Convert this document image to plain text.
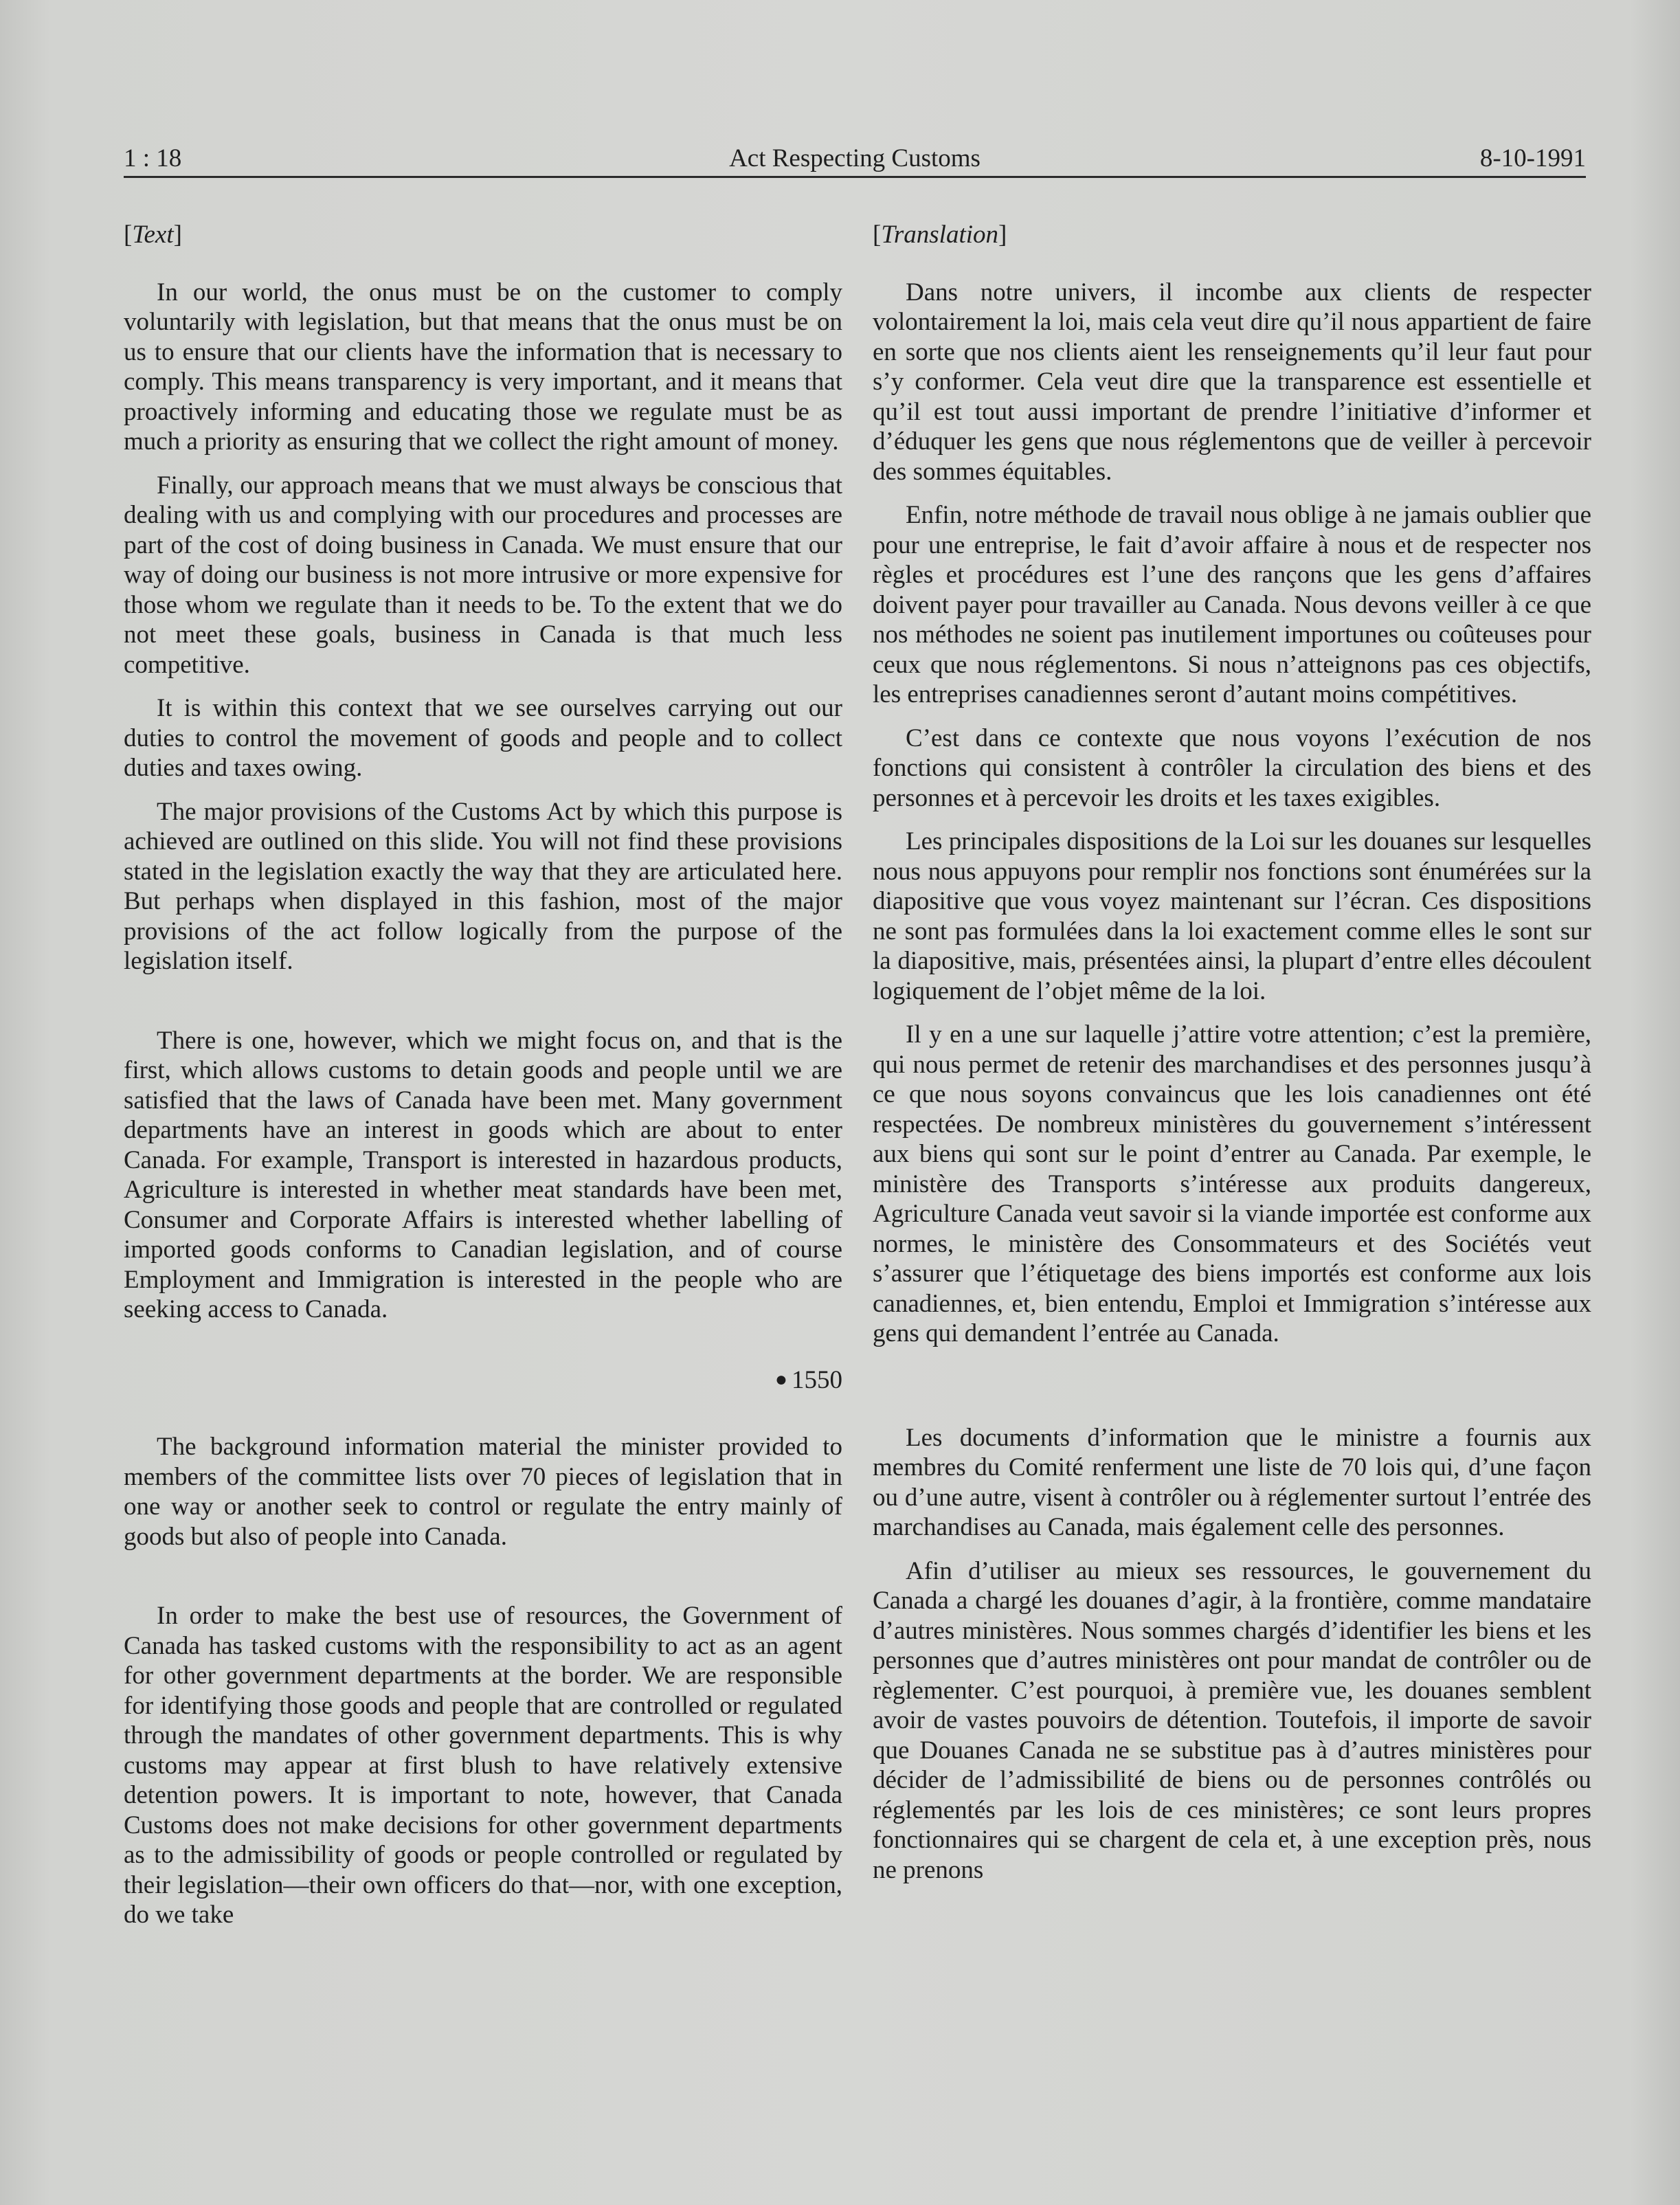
1 : 18	Act Respecting Customs	8-10-1991
[Text]

In our world, the onus must be on the customer to comply voluntarily with legislation, but that means that the onus must be on us to ensure that our clients have the information that is necessary to comply. This means transparency is very important, and it means that proactively informing and educating those we regulate must be as much a priority as ensuring that we collect the right amount of money.

Finally, our approach means that we must always be conscious that dealing with us and complying with our procedures and processes are part of the cost of doing business in Canada. We must ensure that our way of doing our business is not more intrusive or more expensive for those whom we regulate than it needs to be. To the extent that we do not meet these goals, business in Canada is that much less competitive.

It is within this context that we see ourselves carrying out our duties to control the movement of goods and people and to collect duties and taxes owing.

The major provisions of the Customs Act by which this purpose is achieved are outlined on this slide. You will not find these provisions stated in the legislation exactly the way that they are articulated here. But perhaps when displayed in this fashion, most of the major provisions of the act follow logically from the purpose of the legislation itself.

There is one, however, which we might focus on, and that is the first, which allows customs to detain goods and people until we are satisfied that the laws of Canada have been met. Many government departments have an interest in goods which are about to enter Canada. For example, Transport is interested in hazardous products, Agriculture is interested in whether meat standards have been met, Consumer and Corporate Affairs is interested whether labelling of imported goods conforms to Canadian legislation, and of course Employment and Immigration is interested in the people who are seeking access to Canada.

● 1550

The background information material the minister provided to members of the committee lists over 70 pieces of legislation that in one way or another seek to control or regulate the entry mainly of goods but also of people into Canada.

In order to make the best use of resources, the Government of Canada has tasked customs with the responsibility to act as an agent for other government departments at the border. We are responsible for identifying those goods and people that are controlled or regulated through the mandates of other government departments. This is why customs may appear at first blush to have relatively extensive detention powers. It is important to note, however, that Canada Customs does not make decisions for other government departments as to the admissibility of goods or people controlled or regulated by their legislation—their own officers do that—nor, with one exception, do we take

[Translation]

Dans notre univers, il incombe aux clients de respecter volontairement la loi, mais cela veut dire qu’il nous appartient de faire en sorte que nos clients aient les renseignements qu’il leur faut pour s’y conformer. Cela veut dire que la transparence est essentielle et qu’il est tout aussi important de prendre l’initiative d’informer et d’éduquer les gens que nous réglementons que de veiller à percevoir des sommes équitables.

Enfin, notre méthode de travail nous oblige à ne jamais oublier que pour une entreprise, le fait d’avoir affaire à nous et de respecter nos règles et procédures est l’une des rançons que les gens d’affaires doivent payer pour travailler au Canada. Nous devons veiller à ce que nos méthodes ne soient pas inutilement importunes ou coûteuses pour ceux que nous réglementons. Si nous n’atteignons pas ces objectifs, les entreprises canadiennes seront d’autant moins compétitives.

C’est dans ce contexte que nous voyons l’exécution de nos fonctions qui consistent à contrôler la circulation des biens et des personnes et à percevoir les droits et les taxes exigibles.

Les principales dispositions de la Loi sur les douanes sur lesquelles nous nous appuyons pour remplir nos fonctions sont énumérées sur la diapositive que vous voyez maintenant sur l’écran. Ces dispositions ne sont pas formulées dans la loi exactement comme elles le sont sur la diapositive, mais, présentées ainsi, la plupart d’entre elles découlent logiquement de l’objet même de la loi.

Il y en a une sur laquelle j’attire votre attention; c’est la première, qui nous permet de retenir des marchandises et des personnes jusqu’à ce que nous soyons convaincus que les lois canadiennes ont été respectées. De nombreux ministères du gouvernement s’intéressent aux biens qui sont sur le point d’entrer au Canada. Par exemple, le ministère des Transports s’intéresse aux produits dangereux, Agriculture Canada veut savoir si la viande importée est conforme aux normes, le ministère des Consommateurs et des Sociétés veut s’assurer que l’étiquetage des biens importés est conforme aux lois canadiennes, et, bien entendu, Emploi et Immigration s’intéresse aux gens qui demandent l’entrée au Canada.

Les documents d’information que le ministre a fournis aux membres du Comité renferment une liste de 70 lois qui, d’une façon ou d’une autre, visent à contrôler ou à réglementer surtout l’entrée des marchandises au Canada, mais également celle des personnes.

Afin d’utiliser au mieux ses ressources, le gouvernement du Canada a chargé les douanes d’agir, à la frontière, comme mandataire d’autres ministères. Nous sommes chargés d’identifier les biens et les personnes que d’autres ministères ont pour mandat de contrôler ou de règlementer. C’est pourquoi, à première vue, les douanes semblent avoir de vastes pouvoirs de détention. Toutefois, il importe de savoir que Douanes Canada ne se substitue pas à d’autres ministères pour décider de l’admissibilité de biens ou de personnes contrôlés ou réglementés par les lois de ces ministères; ce sont leurs propres fonctionnaires qui se chargent de cela et, à une exception près, nous ne prenons
